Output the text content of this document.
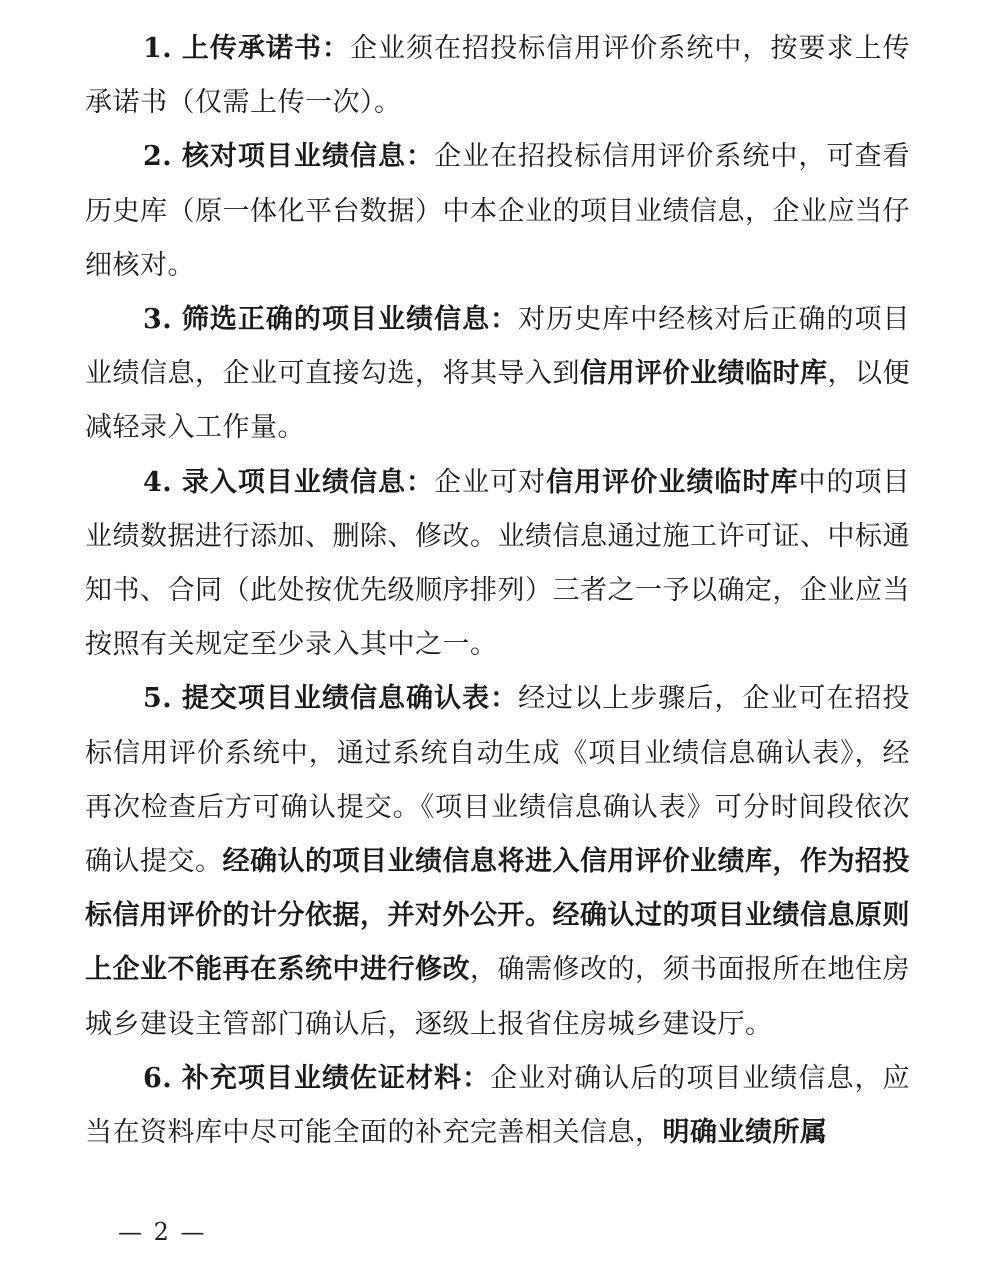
1. 上传承诺书：企业须在招投标信用评价系统中，按要求上传承诺书（仅需上传一次）。

2. 核对项目业绩信息：企业在招投标信用评价系统中，可查看历史库（原一体化平台数据）中本企业的项目业绩信息，企业应当仔细核对。

3. 筛选正确的项目业绩信息：对历史库中经核对后正确的项目业绩信息，企业可直接勾选，将其导入到信用评价业绩临时库，以便减轻录入工作量。

4. 录入项目业绩信息：企业可对信用评价业绩临时库中的项目业绩数据进行添加、删除、修改。业绩信息通过施工许可证、中标通知书、合同（此处按优先级顺序排列）三者之一予以确定，企业应当按照有关规定至少录入其中之一。

5. 提交项目业绩信息确认表：经过以上步骤后，企业可在招投标信用评价系统中，通过系统自动生成《项目业绩信息确认表》，经再次检查后方可确认提交。《项目业绩信息确认表》可分时间段依次确认提交。经确认的项目业绩信息将进入信用评价业绩库，作为招投标信用评价的计分依据，并对外公开。经确认过的项目业绩信息原则上企业不能再在系统中进行修改，确需修改的，须书面报所在地住房城乡建设主管部门确认后，逐级上报省住房城乡建设厅。

6. 补充项目业绩佐证材料：企业对确认后的项目业绩信息，应当在资料库中尽可能全面的补充完善相关信息，明确业绩所属

— 2 —
